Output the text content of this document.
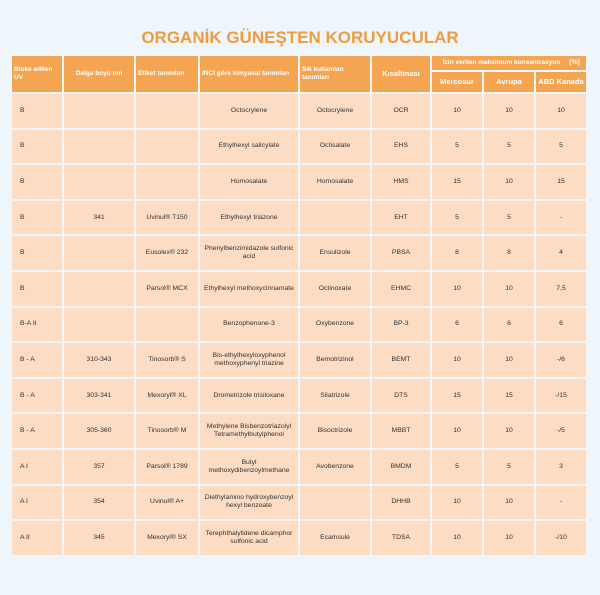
ORGANİK GÜNEŞTEN KORUYUCULAR
Bloke edilen UV	Dalga boyu nm	Etiket tanımları	INCI göre kimyasal tanımları	Sık kullanılan tanımları	Kısaltması	İzin verilen maksimum konsantrasyon (%)		

						Mercosur	Avrupa	ABD Kanada
B			Octocrylene	Octocrylene	OCR	10	10	10
B			Ethylhexyl salicylate	Octisalate	EHS	5	5	5
B			Homosalate	Homosalate	HMS	15	10	15
B	341	Uvinul® T150	Ethylhexyl triazone		EHT	5	5	-
B		Eusolex® 232	Phenylbenzimidazole sulfonic acid	Ensulizole	PBSA	8	8	4
B		Parsol® MCX	Ethylhexyl methoxycinnamate	Octinoxate	EHMC	10	10	7,5
B-A II			Benzophenone-3	Oxybenzone	BP-3	6	6	6
B - A	310-343	Tinosorb® S	Bis-ethylhexyloxyphenol methoxyphenyl triazine	Bemotrizinol	BEMT	10	10	-/6
B - A	303-341	Mexoryl® XL	Drometrizole trisiloxane	Silatrizole	DTS	15	15	-/15
B - A	305-360	Tinosorb® M	Methylene Bisbenzotriazolyl Tetramethylbutylphenol	Bisoctrizole	MBBT	10	10	-/5
A I	357	Parsol® 1789	Butyl methoxydibenzoylmethane	Avobenzone	BMDM	5	5	3
A I	354	Uvinul® A+	Diethylamino hydroxybenzoyl hexyl benzoate		DHHB	10	10	-
A II	345	Mexoryl® SX	Terephthalylidene dicamphor sulfonic acid	Ecamsule	TDSA	10	10	-/10
